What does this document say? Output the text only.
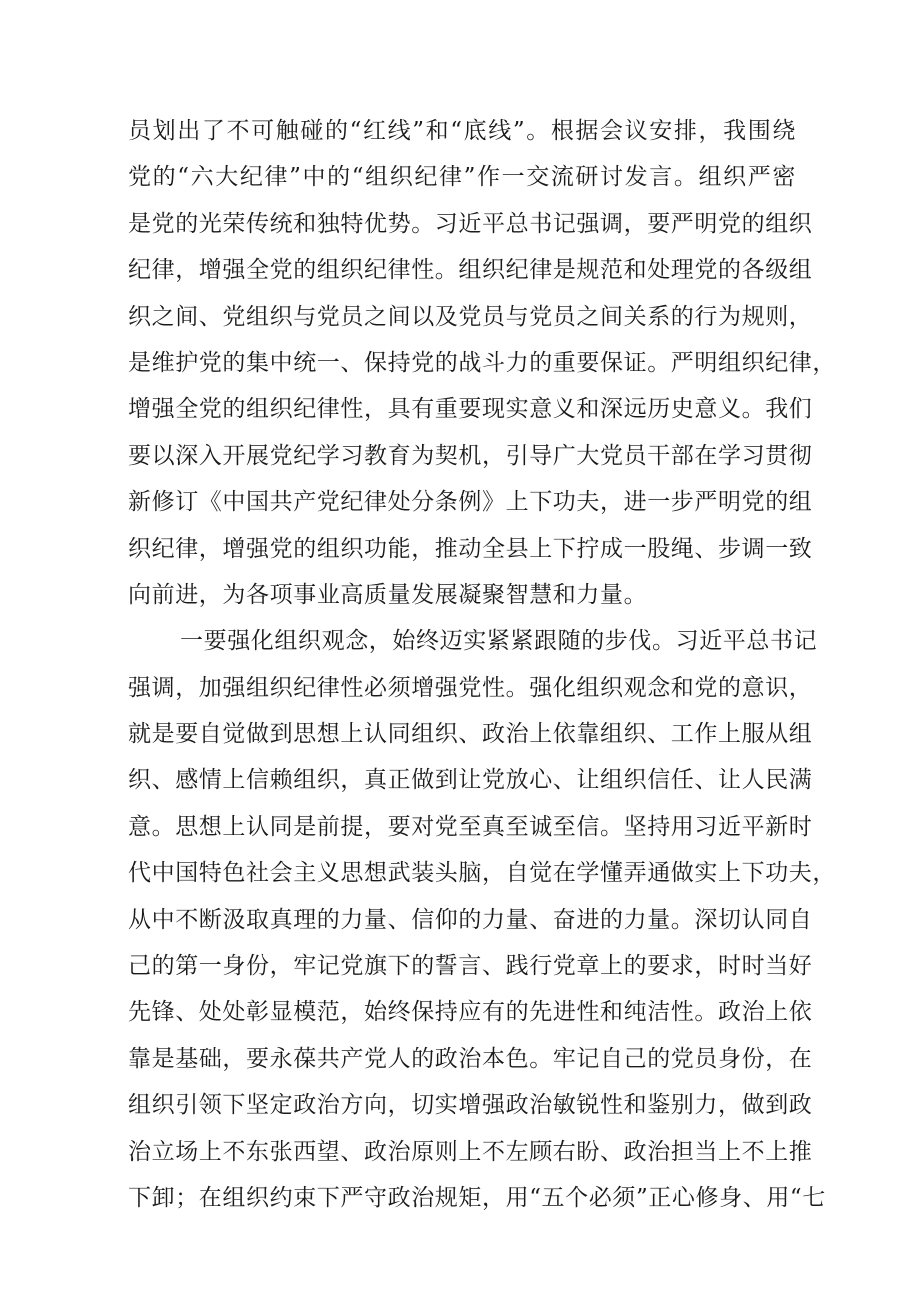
员划出了不可触碰的“红线”和“底线”。根据会议安排，我围绕
党的“六大纪律”中的“组织纪律”作一交流研讨发言。组织严密
是党的光荣传统和独特优势。习近平总书记强调，要严明党的组织
纪律，增强全党的组织纪律性。组织纪律是规范和处理党的各级组
织之间、党组织与党员之间以及党员与党员之间关系的行为规则，
是维护党的集中统一、保持党的战斗力的重要保证。严明组织纪律，
增强全党的组织纪律性，具有重要现实意义和深远历史意义。我们
要以深入开展党纪学习教育为契机，引导广大党员干部在学习贯彻
新修订《中国共产党纪律处分条例》上下功夫，进一步严明党的组
织纪律，增强党的组织功能，推动全县上下拧成一股绳、步调一致
向前进，为各项事业高质量发展凝聚智慧和力量。
一要强化组织观念，始终迈实紧紧跟随的步伐。习近平总书记
强调，加强组织纪律性必须增强党性。强化组织观念和党的意识，
就是要自觉做到思想上认同组织、政治上依靠组织、工作上服从组
织、感情上信赖组织，真正做到让党放心、让组织信任、让人民满
意。思想上认同是前提，要对党至真至诚至信。坚持用习近平新时
代中国特色社会主义思想武装头脑，自觉在学懂弄通做实上下功夫，
从中不断汲取真理的力量、信仰的力量、奋进的力量。深切认同自
己的第一身份，牢记党旗下的誓言、践行党章上的要求，时时当好
先锋、处处彰显模范，始终保持应有的先进性和纯洁性。政治上依
靠是基础，要永葆共产党人的政治本色。牢记自己的党员身份，在
组织引领下坚定政治方向，切实增强政治敏锐性和鉴别力，做到政
治立场上不东张西望、政治原则上不左顾右盼、政治担当上不上推
下卸；在组织约束下严守政治规矩，用“五个必须”正心修身、用“七
